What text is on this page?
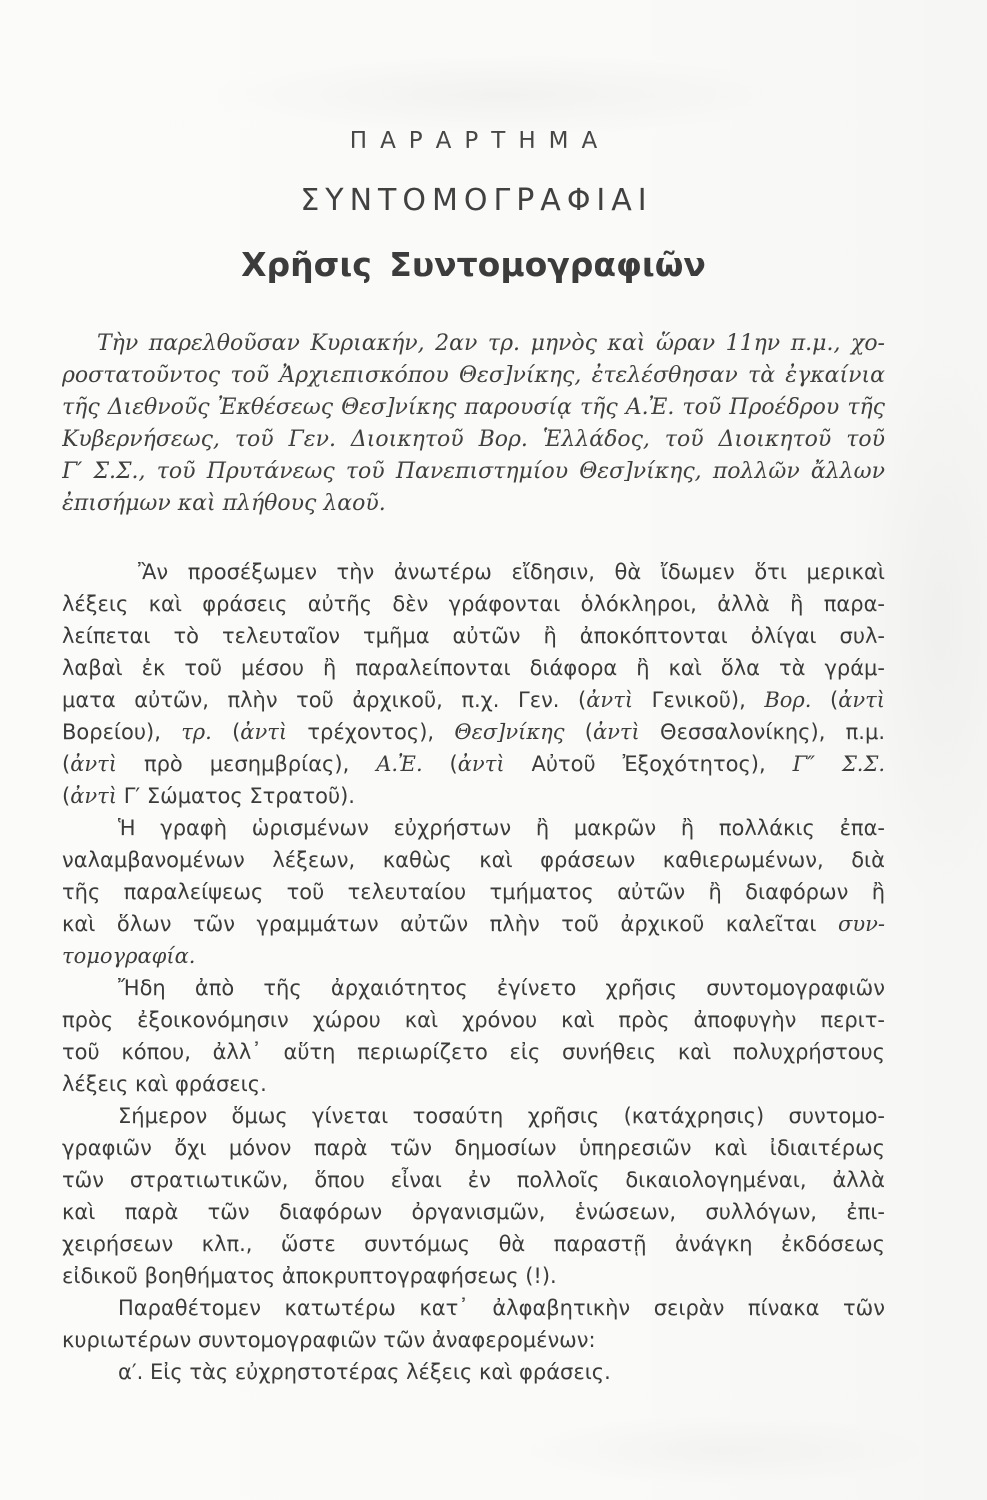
ΠΑΡΑΡΤΗΜΑ
ΣΥΝΤΟΜΟΓΡΑΦΙΑΙ
Χρῆσις Συντομογραφιῶν
Τὴν παρελθοῦσαν Κυριακήν, 2αν τρ. μηνὸς καὶ ὥραν 11ην π.μ., χο-
ροστατοῦντος τοῦ Ἀρχιεπισκόπου Θεσ]νίκης, ἐτελέσθησαν τὰ ἐγκαίνια
τῆς Διεθνοῦς Ἐκθέσεως Θεσ]νίκης παρουσίᾳ τῆς Α.Ἐ. τοῦ Προέδρου τῆς
Κυβερνήσεως, τοῦ Γεν. Διοικητοῦ Βορ. Ἑλλάδος, τοῦ Διοικητοῦ τοῦ
Γ′ Σ.Σ., τοῦ Πρυτάνεως τοῦ Πανεπιστημίου Θεσ]νίκης, πολλῶν ἄλλων
ἐπισήμων καὶ πλήθους λαοῦ.
Ἂν προσέξωμεν τὴν ἀνωτέρω εἴδησιν, θὰ ἴδωμεν ὅτι μερικαὶ
λέξεις καὶ φράσεις αὐτῆς δὲν γράφονται ὁλόκληροι, ἀλλὰ ἢ παρα-
λείπεται τὸ τελευταῖον τμῆμα αὐτῶν ἢ ἀποκόπτονται ὀλίγαι συλ-
λαβαὶ ἐκ τοῦ μέσου ἢ παραλείπονται διάφορα ἢ καὶ ὅλα τὰ γράμ-
ματα αὐτῶν, πλὴν τοῦ ἀρχικοῦ, π.χ. Γεν. (ἀντὶ Γενικοῦ), Βορ. (ἀντὶ
Βορείου), τρ. (ἀντὶ τρέχοντος), Θεσ]νίκης (ἀντὶ Θεσσαλονίκης), π.μ.
(ἀντὶ πρὸ μεσημβρίας), Α.Ἐ. (ἀντὶ Αὐτοῦ Ἐξοχότητος), Γ″ Σ.Σ.
(ἀντὶ Γ′ Σώματος Στρατοῦ).
Ἡ γραφὴ ὡρισμένων εὐχρήστων ἢ μακρῶν ἢ πολλάκις ἐπα-
ναλαμβανομένων λέξεων, καθὼς καὶ φράσεων καθιερωμένων, διὰ
τῆς παραλείψεως τοῦ τελευταίου τμήματος αὐτῶν ἢ διαφόρων ἢ
καὶ ὅλων τῶν γραμμάτων αὐτῶν πλὴν τοῦ ἀρχικοῦ καλεῖται συν-
τομογραφία.
Ἤδη ἀπὸ τῆς ἀρχαιότητος ἐγίνετο χρῆσις συντομογραφιῶν
πρὸς ἐξοικονόμησιν χώρου καὶ χρόνου καὶ πρὸς ἀποφυγὴν περιτ-
τοῦ κόπου, ἀλλ᾽ αὕτη περιωρίζετο εἰς συνήθεις καὶ πολυχρήστους
λέξεις καὶ φράσεις.
Σήμερον ὅμως γίνεται τοσαύτη χρῆσις (κατάχρησις) συντομο-
γραφιῶν ὄχι μόνον παρὰ τῶν δημοσίων ὑπηρεσιῶν καὶ ἰδιαιτέρως
τῶν στρατιωτικῶν, ὅπου εἶναι ἐν πολλοῖς δικαιολογημέναι, ἀλλὰ
καὶ παρὰ τῶν διαφόρων ὀργανισμῶν, ἑνώσεων, συλλόγων, ἐπι-
χειρήσεων κλπ., ὥστε συντόμως θὰ παραστῇ ἀνάγκη ἐκδόσεως
εἰδικοῦ βοηθήματος ἀποκρυπτογραφήσεως (!).
Παραθέτομεν κατωτέρω κατ᾽ ἀλφαβητικὴν σειρὰν πίνακα τῶν
κυριωτέρων συντομογραφιῶν τῶν ἀναφερομένων:
α′. Εἰς τὰς εὐχρηστοτέρας λέξεις καὶ φράσεις.
